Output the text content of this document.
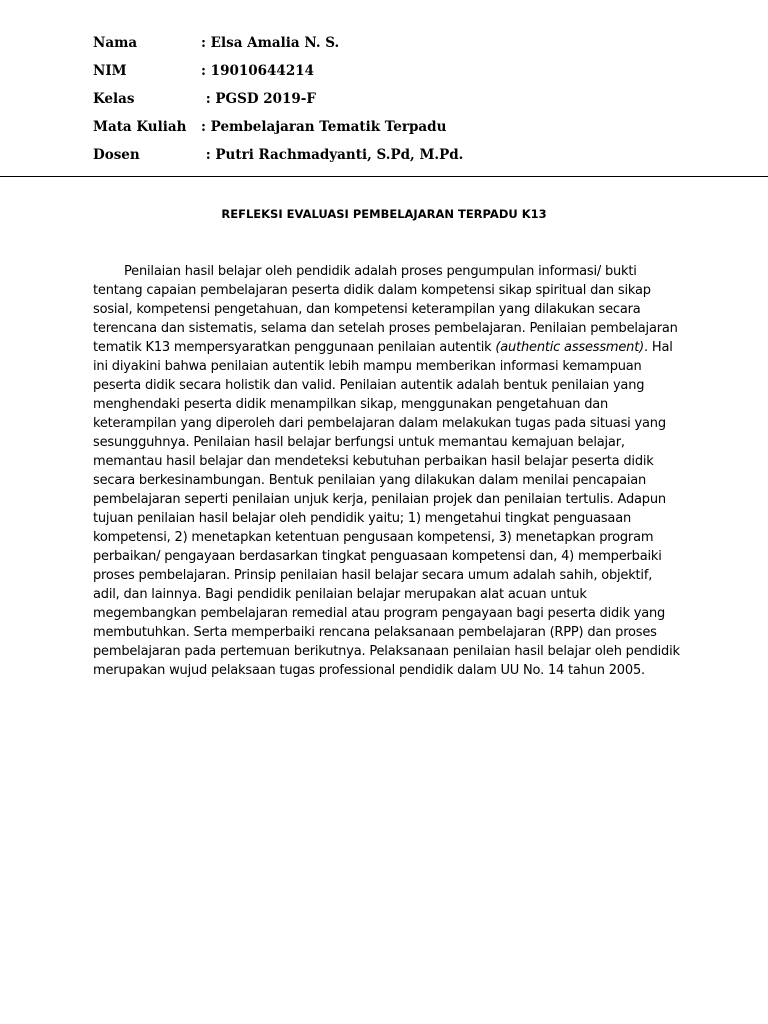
Nama	: Elsa Amalia N. S.
NIM	: 19010644214
Kelas	: PGSD 2019-F
Mata Kuliah	: Pembelajaran Tematik Terpadu
Dosen	: Putri Rachmadyanti, S.Pd, M.Pd.
REFLEKSI EVALUASI PEMBELAJARAN TERPADU K13
Penilaian hasil belajar oleh pendidik adalah proses pengumpulan informasi/ bukti
tentang capaian pembelajaran peserta didik dalam kompetensi sikap spiritual dan sikap
sosial, kompetensi pengetahuan, dan kompetensi keterampilan yang dilakukan secara
terencana dan sistematis, selama dan setelah proses pembelajaran. Penilaian pembelajaran
tematik K13 mempersyaratkan penggunaan penilaian autentik (authentic assessment). Hal
ini diyakini bahwa penilaian autentik lebih mampu memberikan informasi kemampuan
peserta didik secara holistik dan valid. Penilaian autentik adalah bentuk penilaian yang
menghendaki peserta didik menampilkan sikap, menggunakan pengetahuan dan
keterampilan yang diperoleh dari pembelajaran dalam melakukan tugas pada situasi yang
sesungguhnya. Penilaian hasil belajar berfungsi untuk memantau kemajuan belajar,
memantau hasil belajar dan mendeteksi kebutuhan perbaikan hasil belajar peserta didik
secara berkesinambungan. Bentuk penilaian yang dilakukan dalam menilai pencapaian
pembelajaran seperti penilaian unjuk kerja, penilaian projek dan penilaian tertulis. Adapun
tujuan penilaian hasil belajar oleh pendidik yaitu; 1) mengetahui tingkat penguasaan
kompetensi, 2) menetapkan ketentuan pengusaan kompetensi, 3) menetapkan program
perbaikan/ pengayaan berdasarkan tingkat penguasaan kompetensi dan, 4) memperbaiki
proses pembelajaran. Prinsip penilaian hasil belajar secara umum adalah sahih, objektif,
adil, dan lainnya. Bagi pendidik penilaian belajar merupakan alat acuan untuk
megembangkan pembelajaran remedial atau program pengayaan bagi peserta didik yang
membutuhkan. Serta memperbaiki rencana pelaksanaan pembelajaran (RPP) dan proses
pembelajaran pada pertemuan berikutnya. Pelaksanaan penilaian hasil belajar oleh pendidik
merupakan wujud pelaksaan tugas professional pendidik dalam UU No. 14 tahun 2005.
